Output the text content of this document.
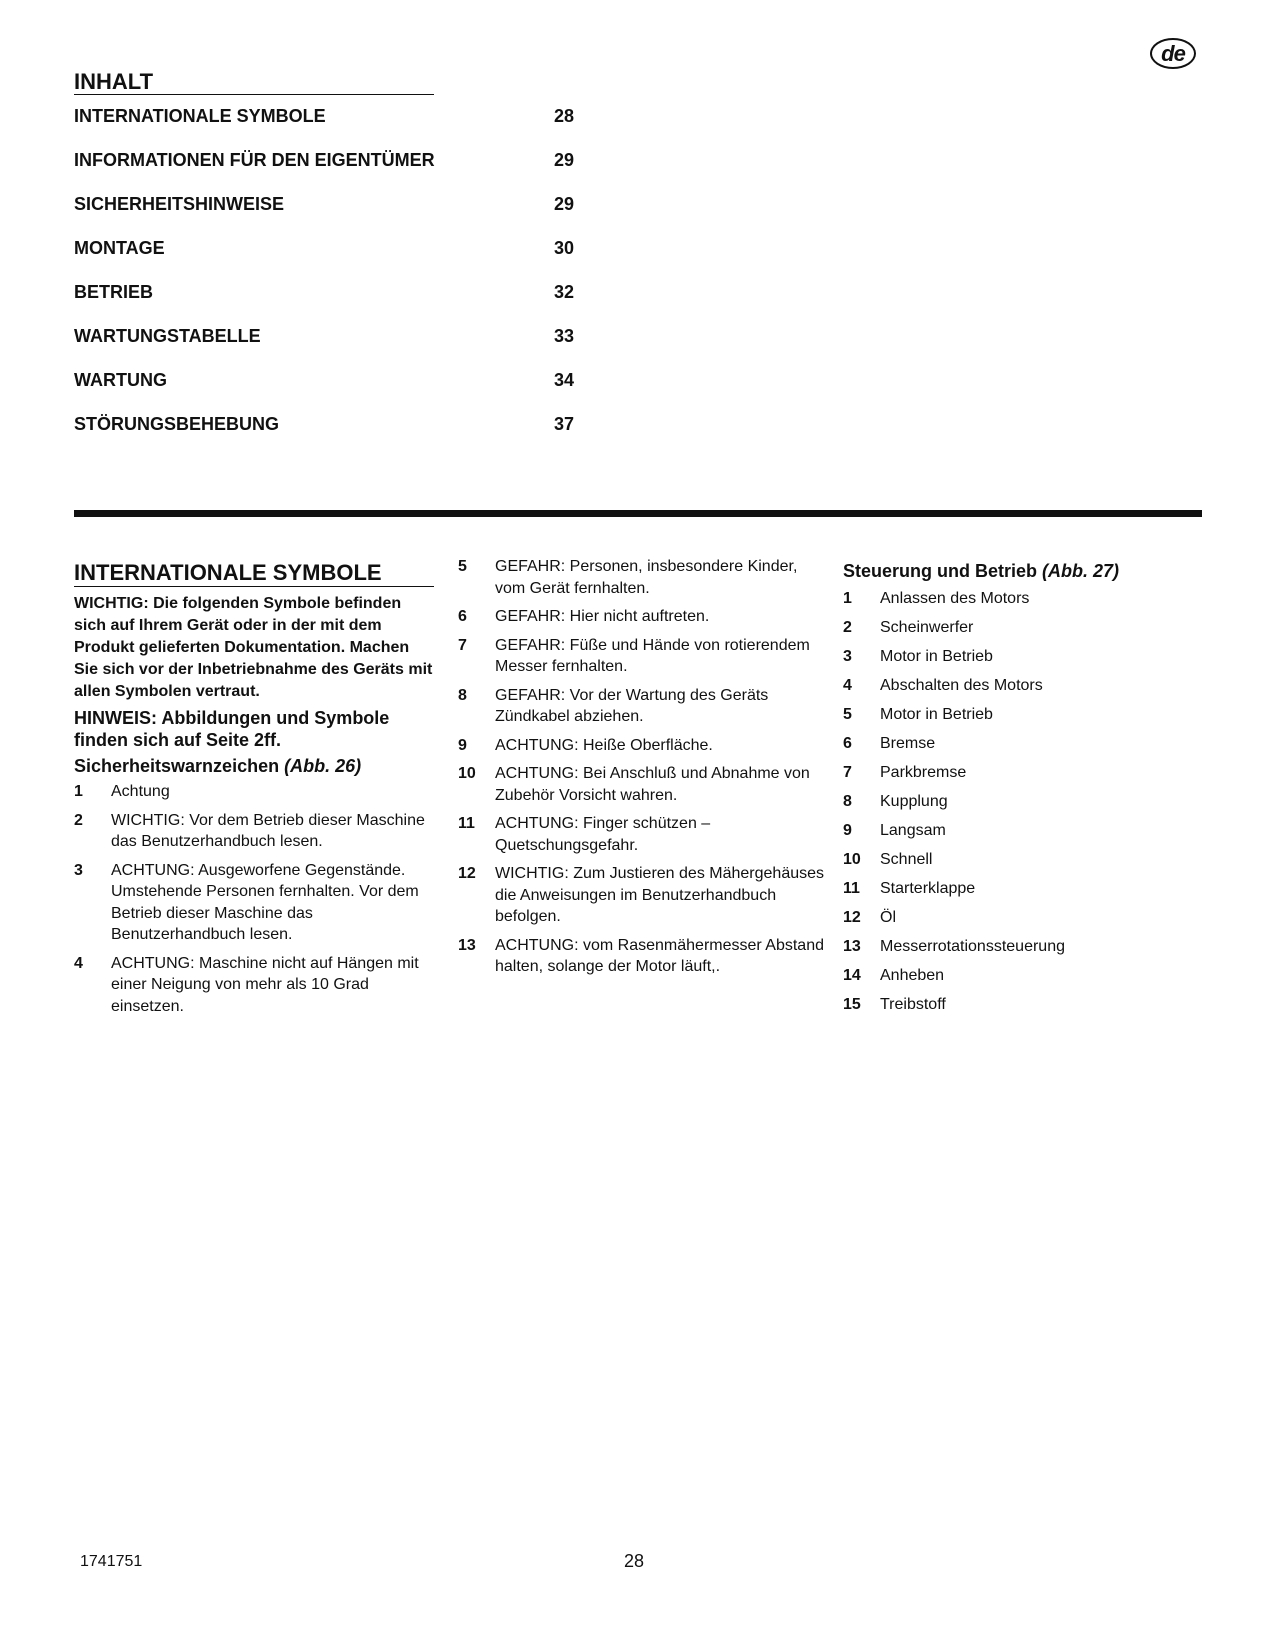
de
INHALT
INTERNATIONALE SYMBOLE	28
INFORMATIONEN FÜR DEN EIGENTÜMER	29
SICHERHEITSHINWEISE	29
MONTAGE	30
BETRIEB	32
WARTUNGSTABELLE	33
WARTUNG	34
STÖRUNGSBEHEBUNG	37
INTERNATIONALE SYMBOLE

WICHTIG: Die folgenden Symbole befinden sich auf Ihrem Gerät oder in der mit dem Produkt gelieferten Dokumentation. Machen Sie sich vor der Inbetriebnahme des Geräts mit allen Symbolen vertraut.

HINWEIS: Abbildungen und Symbole finden sich auf Seite 2ff.

Sicherheitswarnzeichen (Abb. 26)

1	Achtung
2	WICHTIG: Vor dem Betrieb dieser Maschine das Benutzerhandbuch lesen.
3	ACHTUNG: Ausgeworfene Gegenstände. Umstehende Personen fernhalten. Vor dem Betrieb dieser Maschine das Benutzerhandbuch lesen.
4	ACHTUNG: Maschine nicht auf Hängen mit einer Neigung von mehr als 10 Grad einsetzen.
5	GEFAHR: Personen, insbesondere Kinder, vom Gerät fernhalten.
6	GEFAHR: Hier nicht auftreten.
7	GEFAHR: Füße und Hände von rotierendem Messer fernhalten.
8	GEFAHR: Vor der Wartung des Geräts Zündkabel abziehen.
9	ACHTUNG: Heiße Oberfläche.
10	ACHTUNG: Bei Anschluß und Abnahme von Zubehör Vorsicht wahren.
11	ACHTUNG: Finger schützen – Quetschungsgefahr.
12	WICHTIG: Zum Justieren des Mähergehäuses die Anweisungen im Benutzerhandbuch befolgen.
13	ACHTUNG: vom Rasenmähermesser Abstand halten, solange der Motor läuft,.

Steuerung und Betrieb (Abb. 27)

1	Anlassen des Motors
2	Scheinwerfer
3	Motor in Betrieb
4	Abschalten des Motors
5	Motor in Betrieb
6	Bremse
7	Parkbremse
8	Kupplung
9	Langsam
10	Schnell
11	Starterklappe
12	Öl
13	Messerrotationssteuerung
14	Anheben
15	Treibstoff
1741751	28
